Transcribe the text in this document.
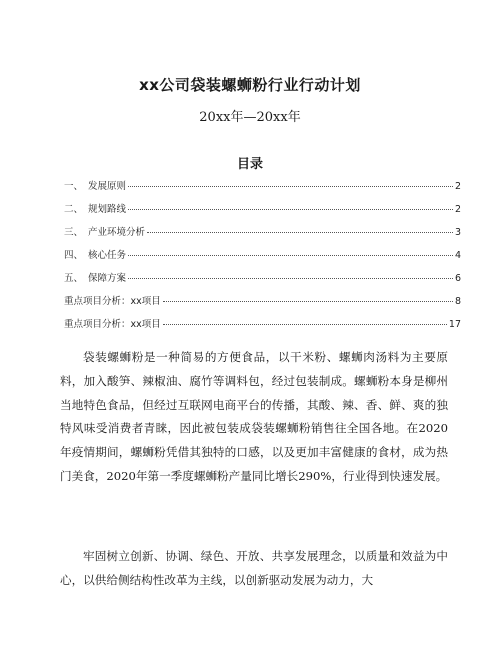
xx公司袋装螺蛳粉行业行动计划
20xx年—20xx年
目录
一、 发展原则	2
二、 规划路线	2
三、 产业环境分析	3
四、 核心任务	4
五、 保障方案	6
重点项目分析：xx项目	8
重点项目分析：xx项目	17

袋装螺蛳粉是一种简易的方便食品，以干米粉、螺蛳肉汤料为主要原料，加入酸笋、辣椒油、腐竹等调料包，经过包装制成。螺蛳粉本身是柳州当地特色食品，但经过互联网电商平台的传播，其酸、辣、香、鲜、爽的独特风味受消费者青睐，因此被包装成袋装螺蛳粉销售往全国各地。在2020年疫情期间，螺蛳粉凭借其独特的口感，以及更加丰富健康的食材，成为热门美食，2020年第一季度螺蛳粉产量同比增长290%，行业得到快速发展。

牢固树立创新、协调、绿色、开放、共享发展理念，以质量和效益为中心，以供给侧结构性改革为主线，以创新驱动发展为动力，大
